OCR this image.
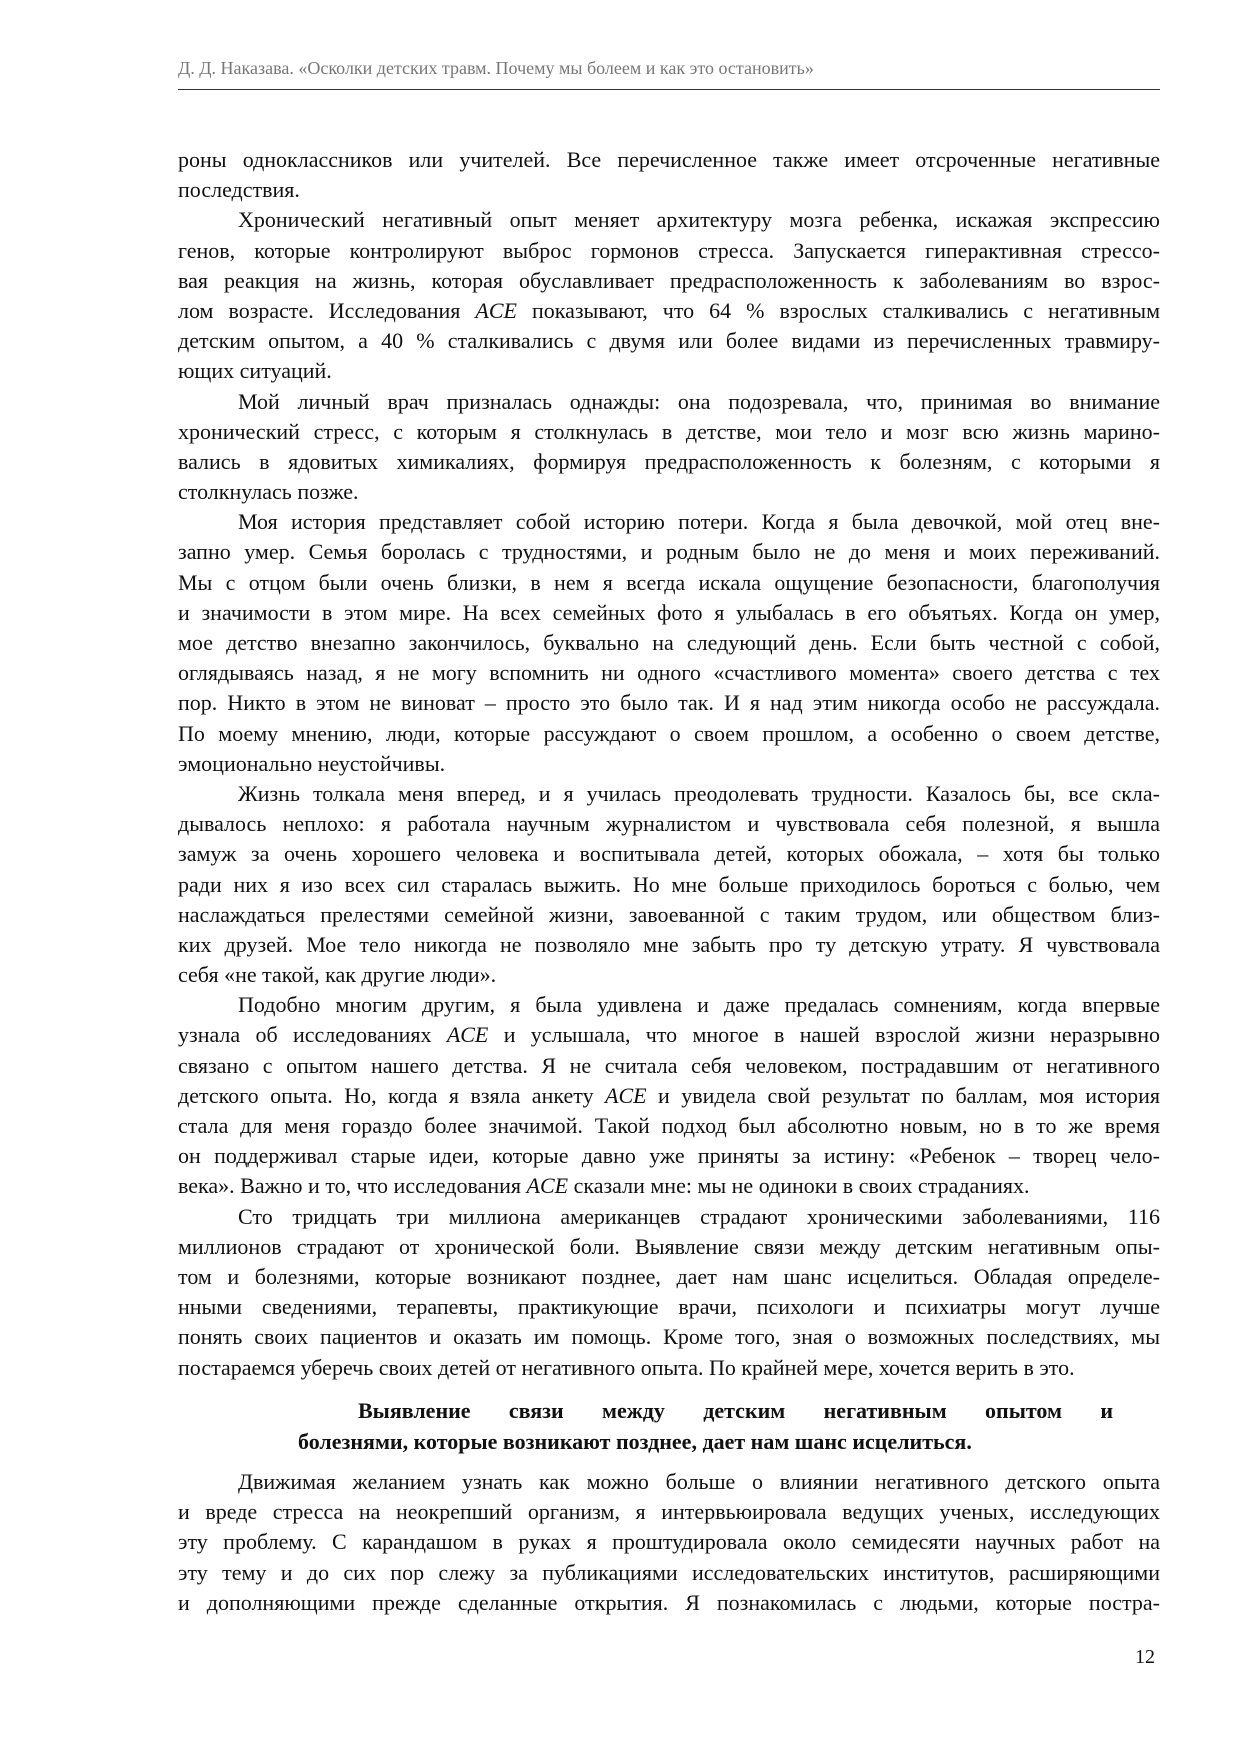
Д. Д. Наказава. «Осколки детских травм. Почему мы болеем и как это остановить»
роны одноклассников или учителей. Все перечисленное также имеет отсроченные негативные
последствия.
Хронический негативный опыт меняет архитектуру мозга ребенка, искажая экспрессию
генов, которые контролируют выброс гормонов стресса. Запускается гиперактивная стрессо-
вая реакция на жизнь, которая обуславливает предрасположенность к заболеваниям во взрос-
лом возрасте. Исследования ACE показывают, что 64 % взрослых сталкивались с негативным
детским опытом, а 40 % сталкивались с двумя или более видами из перечисленных травмиру-
ющих ситуаций.
Мой личный врач призналась однажды: она подозревала, что, принимая во внимание
хронический стресс, с которым я столкнулась в детстве, мои тело и мозг всю жизнь марино-
вались в ядовитых химикалиях, формируя предрасположенность к болезням, с которыми я
столкнулась позже.
Моя история представляет собой историю потери. Когда я была девочкой, мой отец вне-
запно умер. Семья боролась с трудностями, и родным было не до меня и моих переживаний.
Мы с отцом были очень близки, в нем я всегда искала ощущение безопасности, благополучия
и значимости в этом мире. На всех семейных фото я улыбалась в его объятьях. Когда он умер,
мое детство внезапно закончилось, буквально на следующий день. Если быть честной с собой,
оглядываясь назад, я не могу вспомнить ни одного «счастливого момента» своего детства с тех
пор. Никто в этом не виноват – просто это было так. И я над этим никогда особо не рассуждала.
По моему мнению, люди, которые рассуждают о своем прошлом, а особенно о своем детстве,
эмоционально неустойчивы.
Жизнь толкала меня вперед, и я училась преодолевать трудности. Казалось бы, все скла-
дывалось неплохо: я работала научным журналистом и чувствовала себя полезной, я вышла
замуж за очень хорошего человека и воспитывала детей, которых обожала, – хотя бы только
ради них я изо всех сил старалась выжить. Но мне больше приходилось бороться с болью, чем
наслаждаться прелестями семейной жизни, завоеванной с таким трудом, или обществом близ-
ких друзей. Мое тело никогда не позволяло мне забыть про ту детскую утрату. Я чувствовала
себя «не такой, как другие люди».
Подобно многим другим, я была удивлена и даже предалась сомнениям, когда впервые
узнала об исследованиях ACE и услышала, что многое в нашей взрослой жизни неразрывно
связано с опытом нашего детства. Я не считала себя человеком, пострадавшим от негативного
детского опыта. Но, когда я взяла анкету ACE и увидела свой результат по баллам, моя история
стала для меня гораздо более значимой. Такой подход был абсолютно новым, но в то же время
он поддерживал старые идеи, которые давно уже приняты за истину: «Ребенок – творец чело-
века». Важно и то, что исследования ACE сказали мне: мы не одиноки в своих страданиях.
Сто тридцать три миллиона американцев страдают хроническими заболеваниями, 116
миллионов страдают от хронической боли. Выявление связи между детским негативным опы-
том и болезнями, которые возникают позднее, дает нам шанс исцелиться. Обладая определе-
нными сведениями, терапевты, практикующие врачи, психологи и психиатры могут лучше
понять своих пациентов и оказать им помощь. Кроме того, зная о возможных последствиях, мы
постараемся уберечь своих детей от негативного опыта. По крайней мере, хочется верить в это.
Выявление связи между детским негативным опытом и
болезнями, которые возникают позднее, дает нам шанс исцелиться.
Движимая желанием узнать как можно больше о влиянии негативного детского опыта
и вреде стресса на неокрепший организм, я интервьюировала ведущих ученых, исследующих
эту проблему. С карандашом в руках я проштудировала около семидесяти научных работ на
эту тему и до сих пор слежу за публикациями исследовательских институтов, расширяющими
и дополняющими прежде сделанные открытия. Я познакомилась с людьми, которые постра-
12
